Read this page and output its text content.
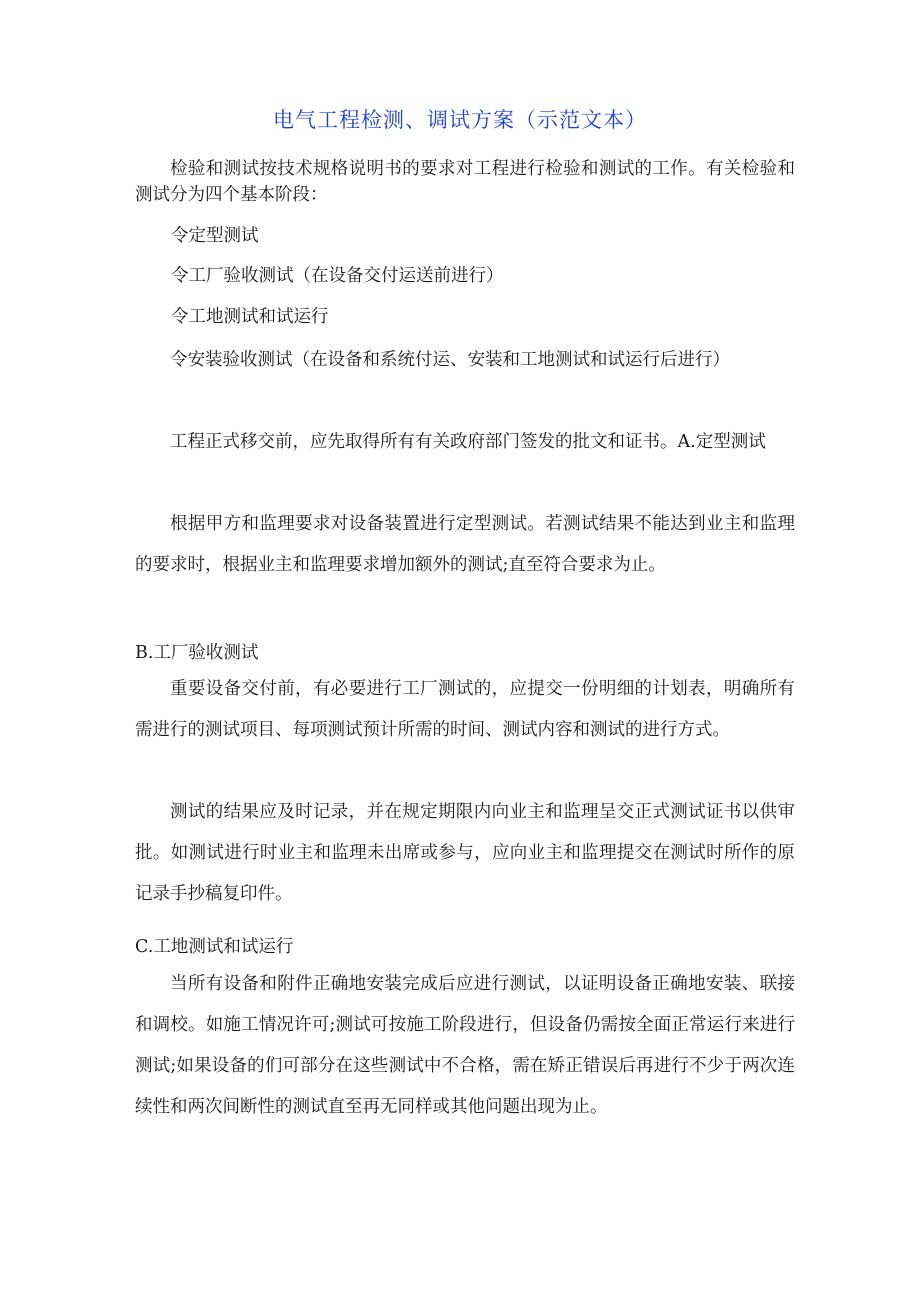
电气工程检测、调试方案（示范文本）

检验和测试按技术规格说明书的要求对工程进行检验和测试的工作。有关检验和测试分为四个基本阶段：

令定型测试

令工厂验收测试（在设备交付运送前进行）

令工地测试和试运行

令安装验收测试（在设备和系统付运、安装和工地测试和试运行后进行）

工程正式移交前，应先取得所有有关政府部门签发的批文和证书。A.定型测试

根据甲方和监理要求对设备装置进行定型测试。若测试结果不能达到业主和监理的要求时，根据业主和监理要求增加额外的测试;直至符合要求为止。

B.工厂验收测试

重要设备交付前，有必要进行工厂测试的，应提交一份明细的计划表，明确所有需进行的测试项目、每项测试预计所需的时间、测试内容和测试的进行方式。

测试的结果应及时记录，并在规定期限内向业主和监理呈交正式测试证书以供审批。如测试进行时业主和监理未出席或参与，应向业主和监理提交在测试时所作的原记录手抄稿复印件。

C.工地测试和试运行

当所有设备和附件正确地安装完成后应进行测试，以证明设备正确地安装、联接和调校。如施工情况许可;测试可按施工阶段进行，但设备仍需按全面正常运行来进行测试;如果设备的们可部分在这些测试中不合格，需在矫正错误后再进行不少于两次连续性和两次间断性的测试直至再无同样或其他问题出现为止。
